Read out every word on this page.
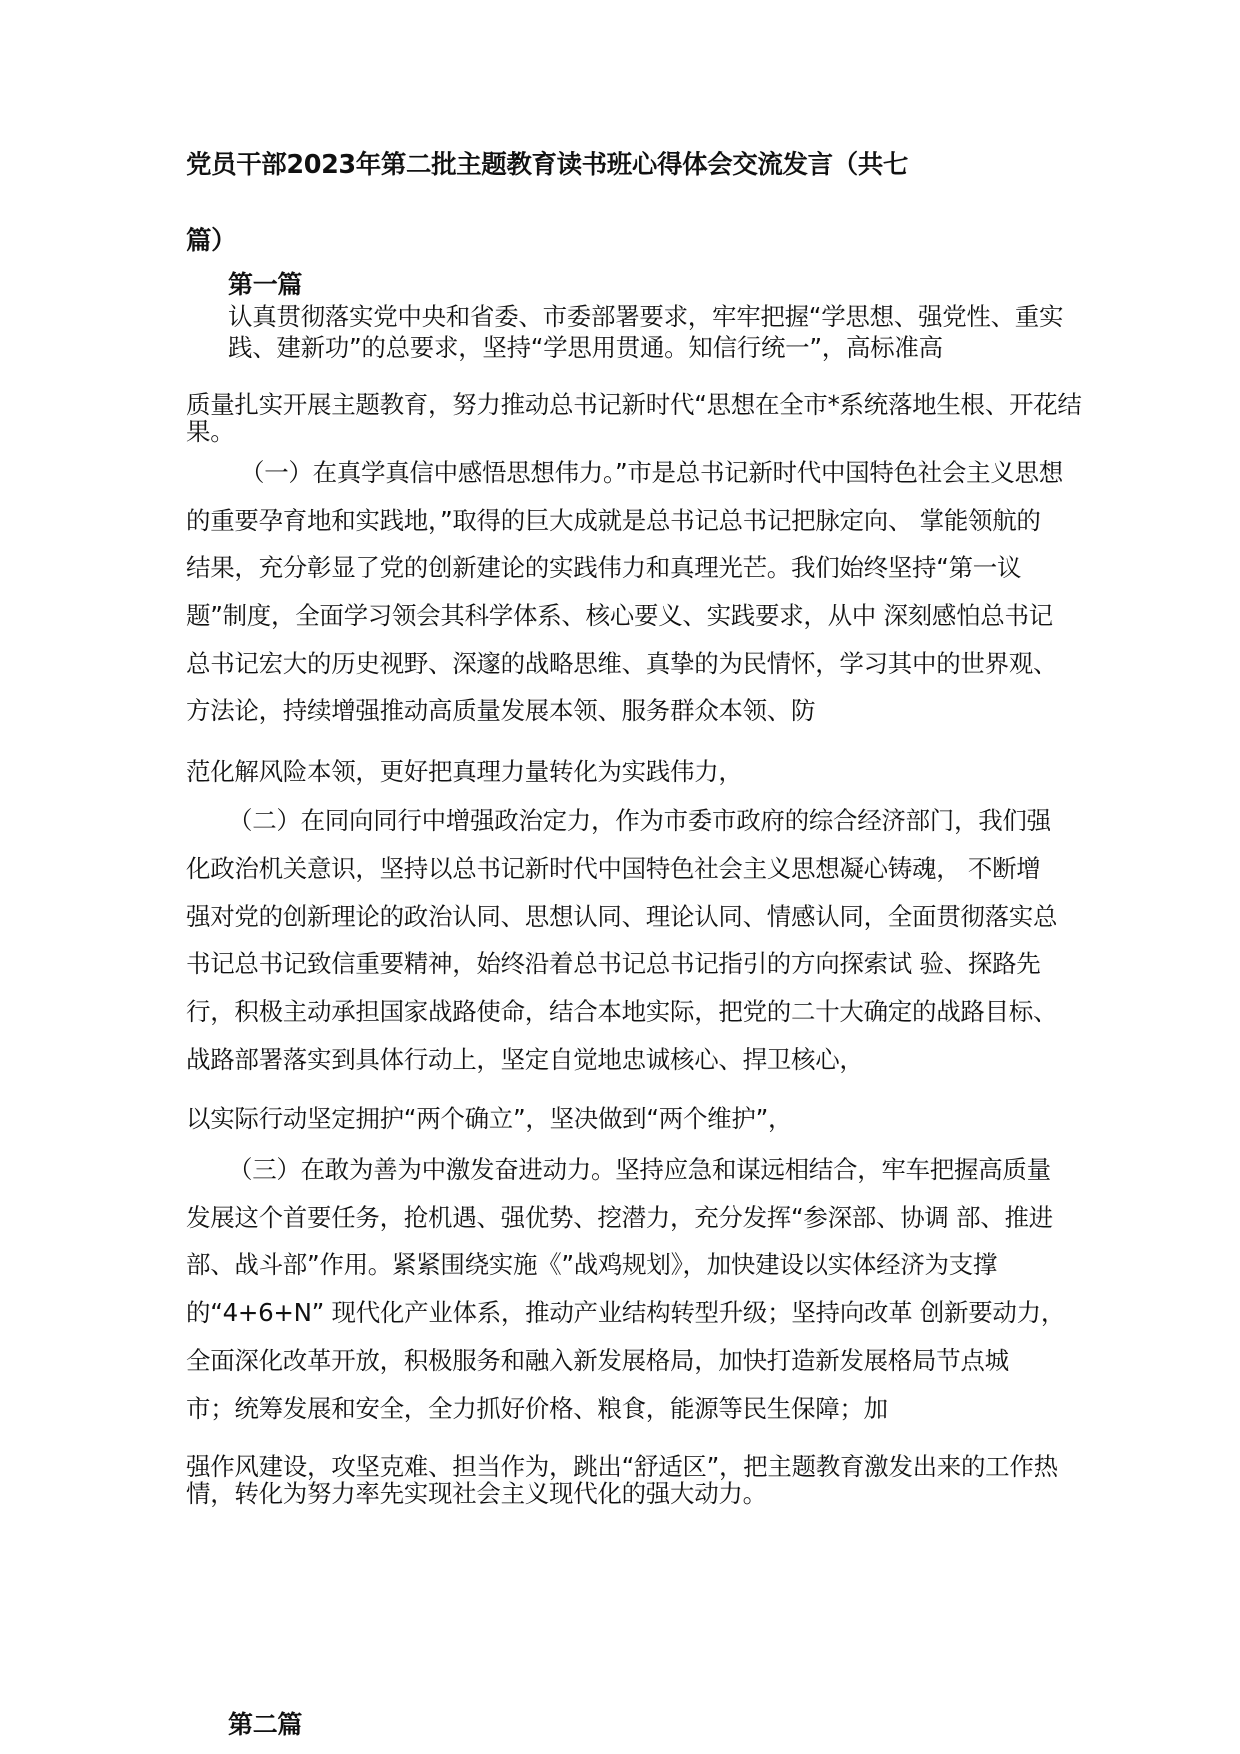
党员干部2023年第二批主题教育读书班心得体会交流发言（共七

篇）

第一篇

认真贯彻落实党中央和省委、市委部署要求，牢牢把握“学思想、强党性、重实

践、建新功”的总要求，坚持“学思用贯通。知信行统一”，高标准高

质量扎实开展主题教育，努力推动总书记新时代“思想在全市*系统落地生根、开花结果。

（一）在真学真信中感悟思想伟力。”市是总书记新时代中国特色社会主义思想

的重要孕育地和实践地，”取得的巨大成就是总书记总书记把脉定向、 掌能领航的

结果，充分彰显了党的创新建论的实践伟力和真理光芒。我们始终坚持“第一议

题”制度，全面学习领会其科学体系、核心要义、实践要求，从中 深刻感怕总书记

总书记宏大的历史视野、深邃的战略思维、真挚的为民情怀，学习其中的世界观、

方法论，持续增强推动高质量发展本领、服务群众本领、防

范化解风险本领，更好把真理力量转化为实践伟力，

（二）在同向同行中增强政治定力，作为市委市政府的综合经济部门，我们强

化政治机关意识，坚持以总书记新时代中国特色社会主义思想凝心铸魂， 不断增

强对党的创新理论的政治认同、思想认同、理论认同、情感认同，全面贯彻落实总

书记总书记致信重要精神，始终沿着总书记总书记指引的方向探索试 验、探路先

行，积极主动承担国家战路使命，结合本地实际，把党的二十大确定的战路目标、

战路部署落实到具体行动上，坚定自觉地忠诚核心、捍卫核心，

以实际行动坚定拥护“两个确立”，坚决做到“两个维护”，

（三）在敢为善为中激发奋进动力。坚持应急和谋远相结合，牢车把握高质量

发展这个首要任务，抢机遇、强优势、挖潜力，充分发挥“参深部、协调 部、推进

部、战斗部”作用。紧紧围绕实施《”战鸡规划》，加快建设以实体经济为支撑

的“4+6+N” 现代化产业体系，推动产业结构转型升级；坚持向改革 创新要动力，

全面深化改革开放，积极服务和融入新发展格局，加快打造新发展格局节点城

市；统筹发展和安全，全力抓好价格、粮食，能源等民生保障；加

强作风建设，攻坚克难、担当作为，跳出“舒适区”，把主题教育激发出来的工作热情，转化为努力率先实现社会主义现代化的强大动力。

第二篇
